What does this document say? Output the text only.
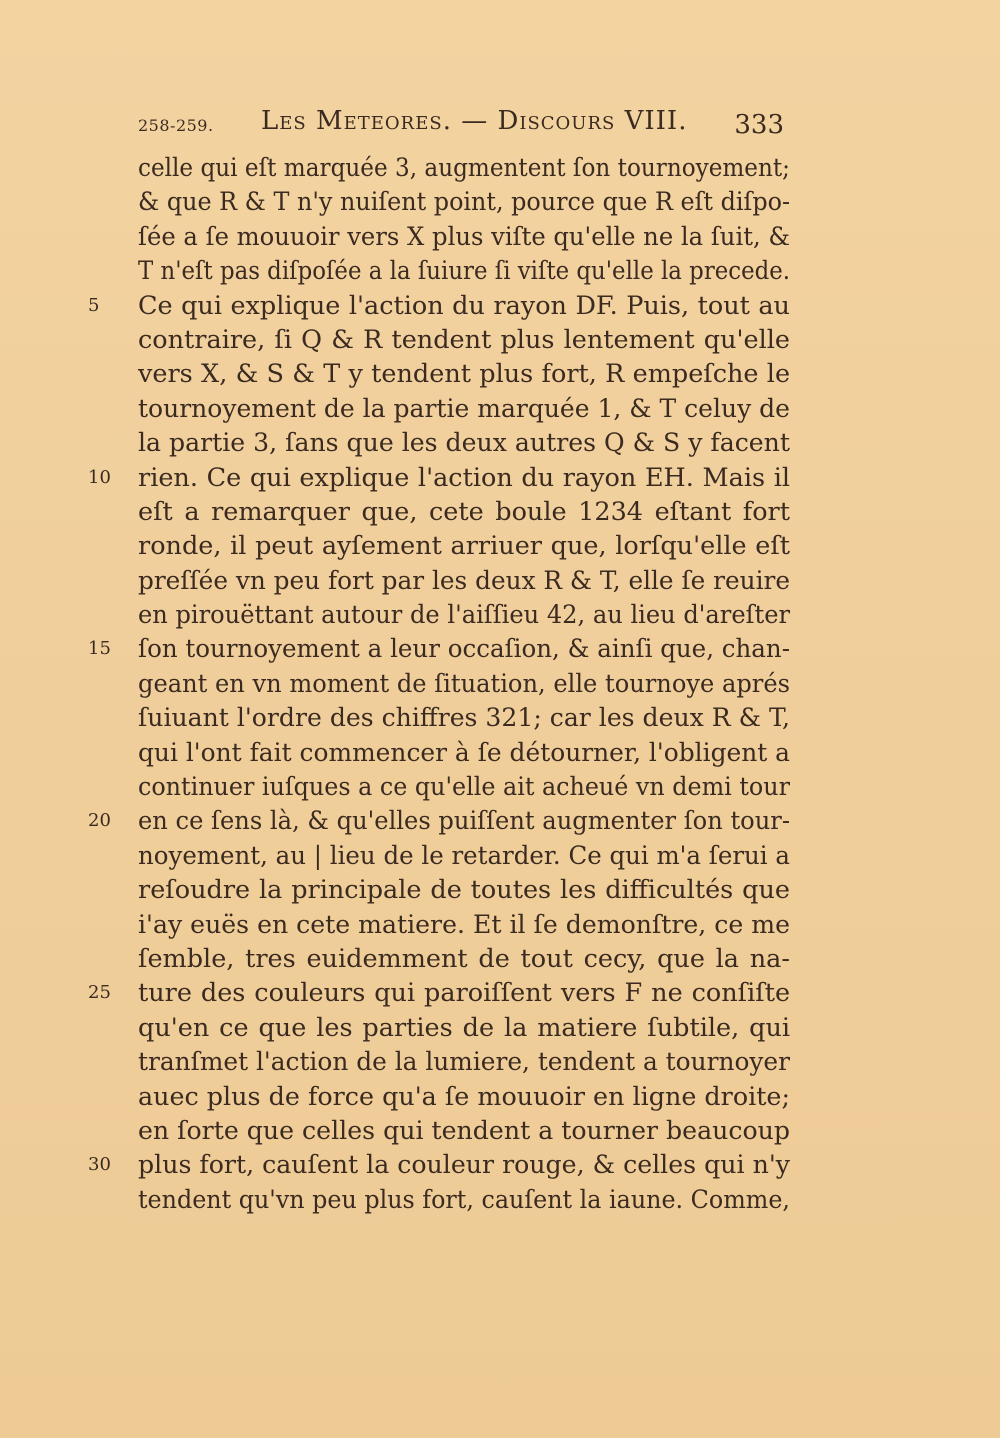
258-259. Les Meteores. — Discours VIII. 333
celle qui eſt marquée 3, augmentent ſon tournoyement;
& que R & T n'y nuiſent point, pource que R eſt diſpo-
ſée a ſe mouuoir vers X plus viſte qu'elle ne la ſuit, &
T n'eſt pas diſpoſée a la ſuiure ſi viſte qu'elle la precede.
5	Ce qui explique l'action du rayon DF. Puis, tout au
contraire, ſi Q & R tendent plus lentement qu'elle
vers X, & S & T y tendent plus fort, R empeſche le
tournoyement de la partie marquée 1, & T celuy de
la partie 3, ſans que les deux autres Q & S y facent
10 rien. Ce qui explique l'action du rayon EH. Mais il
eſt a remarquer que, cete boule 1234 eſtant fort
ronde, il peut ayſement arriuer que, lorſqu'elle eſt
preſſée vn peu fort par les deux R & T, elle ſe reuire
en pirouëttant autour de l'aiſſieu 42, au lieu d'areſter
15 ſon tournoyement a leur occaſion, & ainſi que, chan-
geant en vn moment de ſituation, elle tournoye aprés
ſuiuant l'ordre des chiffres 321; car les deux R & T,
qui l'ont fait commencer à ſe détourner, l'obligent a
continuer iuſques a ce qu'elle ait acheué vn demi tour
20 en ce ſens là, & qu'elles puiſſent augmenter ſon tour-
noyement, au | lieu de le retarder. Ce qui m'a ſerui a
reſoudre la principale de toutes les difficultés que
i'ay euës en cete matiere. Et il ſe demonſtre, ce me
ſemble, tres euidemment de tout cecy, que la na-
25 ture des couleurs qui paroiſſent vers F ne conſiſte
qu'en ce que les parties de la matiere ſubtile, qui
tranſmet l'action de la lumiere, tendent a tournoyer
auec plus de force qu'a ſe mouuoir en ligne droite;
en ſorte que celles qui tendent a tourner beaucoup
30 plus fort, cauſent la couleur rouge, & celles qui n'y
tendent qu'vn peu plus fort, cauſent la iaune. Comme,
